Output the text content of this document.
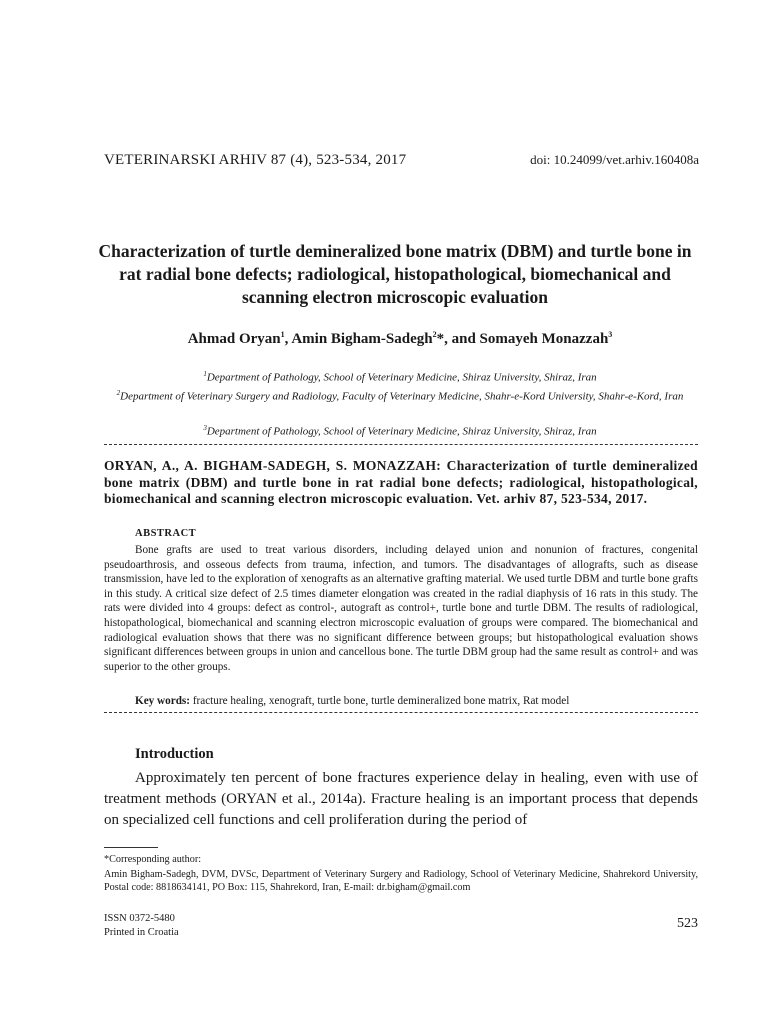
VETERINARSKI ARHIV 87 (4), 523-534, 2017	doi: 10.24099/vet.arhiv.160408a
Characterization of turtle demineralized bone matrix (DBM) and turtle bone in rat radial bone defects; radiological, histopathological, biomechanical and scanning electron microscopic evaluation
Ahmad Oryan$^1$, Amin Bigham-Sadegh$^2$*, and Somayeh Monazzah$^3$
$^1$Department of Pathology, School of Veterinary Medicine, Shiraz University, Shiraz, Iran
$^2$Department of Veterinary Surgery and Radiology, Faculty of Veterinary Medicine, Shahr-e-Kord University, Shahr-e-Kord, Iran
$^3$Department of Pathology, School of Veterinary Medicine, Shiraz University, Shiraz, Iran
ORYAN, A., A. BIGHAM-SADEGH, S. MONAZZAH: Characterization of turtle demineralized bone matrix (DBM) and turtle bone in rat radial bone defects; radiological, histopathological, biomechanical and scanning electron microscopic evaluation. Vet. arhiv 87, 523-534, 2017.
ABSTRACT
Bone grafts are used to treat various disorders, including delayed union and nonunion of fractures, congenital pseudoarthrosis, and osseous defects from trauma, infection, and tumors. The disadvantages of allografts, such as disease transmission, have led to the exploration of xenografts as an alternative grafting material. We used turtle DBM and turtle bone grafts in this study. A critical size defect of 2.5 times diameter elongation was created in the radial diaphysis of 16 rats in this study. The rats were divided into 4 groups: defect as control-, autograft as control+, turtle bone and turtle DBM. The results of radiological, histopathological, biomechanical and scanning electron microscopic evaluation of groups were compared. The biomechanical and radiological evaluation shows that there was no significant difference between groups; but histopathological evaluation shows significant differences between groups in union and cancellous bone. The turtle DBM group had the same result as control+ and was superior to the other groups.
Key words: fracture healing, xenograft, turtle bone, turtle demineralized bone matrix, Rat model
Introduction
Approximately ten percent of bone fractures experience delay in healing, even with use of treatment methods (ORYAN et al., 2014a). Fracture healing is an important process that depends on specialized cell functions and cell proliferation during the period of
*Corresponding author:
Amin Bigham-Sadegh, DVM, DVSc, Department of Veterinary Surgery and Radiology, School of Veterinary Medicine, Shahrekord University, Postal code: 8818634141, PO Box: 115, Shahrekord, Iran, E-mail: dr.bigham@gmail.com
ISSN 0372-5480
Printed in Croatia
523
